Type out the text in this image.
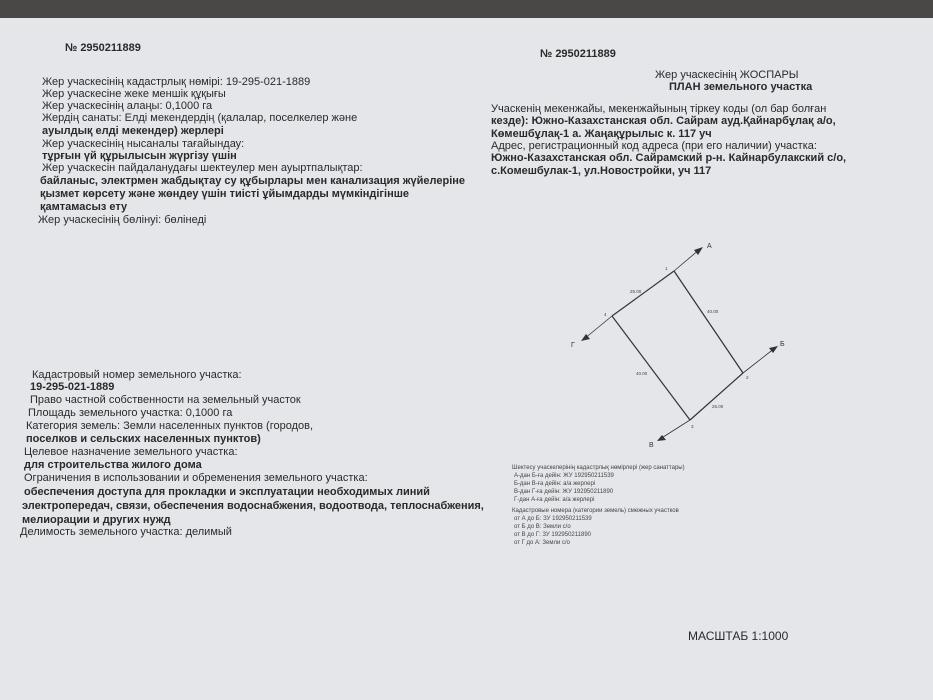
№ 2950211889
Жер учаскесінің кадастрлық нөмірі: 19-295-021-1889
Жер учаскесіне жеке меншік құқығы
Жер учаскесінің алаңы: 0,1000 га
Жердің санаты: Елді мекендердің (қалалар, поселкелер және
ауылдық елді мекендер) жерлері
Жер учаскесінің нысаналы тағайындау:
тұрғын үй құрылысын жүргізу үшін
Жер учаскесін пайдаланудағы шектеулер мен ауыртпалықтар:
байланыс, электрмен жабдықтау су құбырлары мен канализация жүйелеріне
қызмет көрсету және жөндеу үшін тиісті ұйымдарды мүмкіндігінше
қамтамасыз ету
Жер учаскесінің бөлінуі: бөлінеді
Кадастровый номер земельного участка:
19-295-021-1889
Право частной собственности на земельный участок
Площадь земельного участка: 0,1000 га
Категория земель: Земли населенных пунктов (городов,
поселков и сельских населенных пунктов)
Целевое назначение земельного участка:
для строительства жилого дома
Ограничения в использовании и обременения земельного участка:
обеспечения доступа для прокладки и эксплуатации необходимых линий
электропередач, связи, обеспечения водоснабжения, водоотвода, теплоснабжения,
мелиорации и других нужд
Делимость земельного участка: делимый
№ 2950211889
Жер учаскесінің ЖОСПАРЫ
ПЛАН земельного участка
Учаскенің мекенжайы, мекенжайының тіркеу коды (ол бар болған
кезде): Южно-Казахстанская обл. Сайрам ауд.Қайнарбұлақ а/о,
Көмешбұлақ-1 а. Жаңақұрылыс к. 117 уч
Адрес, регистрационный код адреса (при его наличии) участка:
Южно-Казахстанская обл. Сайрамский р-н. Кайнарбулакский с/о,
с.Комешбулак-1, ул.Новостройки, уч 117
А
Б
В
Г
1
2
3
4
25.00
40.00
40.00
25.00
Шектесу учаскелерінің кадастрлық нөмірлері (жер санаттары)
А-дан Б-ға дейін: ЖУ 192950211539
Б-дан В-ға дейін: а/а жерлері
В-дан Г-ға дейін: ЖУ 192950211890
Г-дан А-ға дейін: а/а жерлері
Кадастровые номера (категории земель) смежных участков
от А до Б: ЗУ 192950211539
от Б до В: Земли с/о
от В до Г: ЗУ 192950211890
от Г до А: Земли с/о
МАСШТАБ 1:1000
